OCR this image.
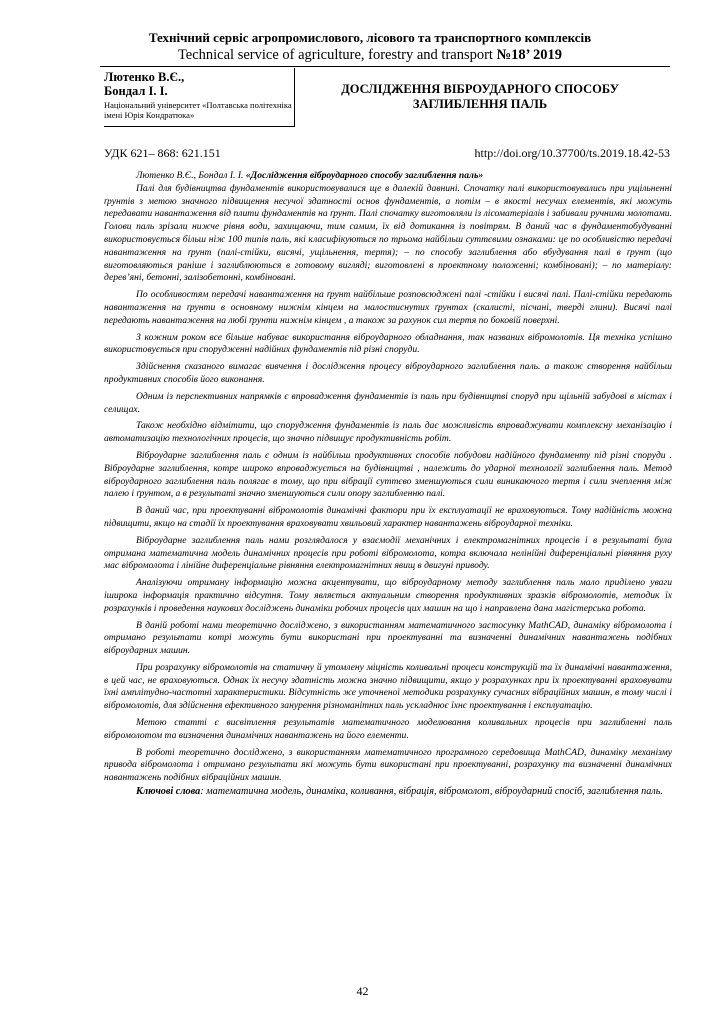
Технічний сервіс агропромислового, лісового та транспортного комплексів
Technical service of agriculture, forestry and transport №18’ 2019
Лютенко В.Є.,
Бондал І. І.
Національний університет «Полтавська політехніка імені Юрія Кондратюка»
ДОСЛІДЖЕННЯ ВІБРОУДАРНОГО СПОСОБУ ЗАГЛИБЛЕННЯ ПАЛЬ
УДК 621– 868: 621.151	http://doi.org/10.37700/ts.2019.18.42-53

Лютенко В.Є., Бондал І. І. «Дослідження віброударного способу заглиблення паль»

Палі для будівництва фундаментів використовувалися ще в далекій давнині. Спочатку палі використовувались при ущільненні ґрунтів з метою значного підвищення несучої здатності основ фундаментів, а потім – в якості несучих елементів, які можуть передавати навантаження від плити фундаментів на ґрунт. Палі спочатку виготовляли із лісоматеріалів і забивали ручними молотами. Голови паль зрізали нижче рівня води, захищаючи, тим самим, їх від дотикання із повітрям. В даний час в фундаментобудуванні використовується більш ніж 100 типів паль, які класифікуються по трьома найбільш суттєвими ознаками: це по особливістю передачі навантаження на ґрунт (палі-стійки, висячі, ущільнення, тертя); – по способу заглиблення або вбудування палі в ґрунт (що виготовляються раніше і заглиблюються в готовому вигляді; виготовлені в проектному положенні; комбіновані); – по матеріалу: дерев’яні, бетонні, залізобетонні, комбіновані.

По особливостям передачі навантаження на ґрунт найбільше розповсюджені палі -стійки і висячі палі. Палі-стійки передають навантаження на ґрунти в основному нижнім кінцем на малостиснутих ґрунтах (скалисті, пісчані, тверді глини). Висячі палі передають навантаження на любі ґрунти нижнім кінцем , а також за рахунок сил тертя по боковій поверхні.

З кожним роком все більше набуває використання віброударного обладнання, так названих вібромолотів. Ця техніка успішно використовується при спорудженні надійних фундаментів під різні споруди.

Здійснення сказаного вимагає вивчення і дослідження процесу віброударного заглиблення паль. а також створення найбільш продуктивних способів його виконання.

Одним із перспективних напрямків є впровадження фундаментів із паль при будівництві споруд при щільній забудові в містах і селищах.

Також необхідно відмітити, що спорудження фундаментів із паль дає можливість впроваджувати комплексну механізацію і автоматизацію технологічних процесів, що значно підвищує продуктивність робіт.

Віброударне заглиблення паль є одним із найбільш продуктивних способів побудови надійного фундаменту під різні споруди . Віброударне заглиблення, котре широко впроваджується на будівництві , належить до ударної технології заглиблення паль. Метод віброударного заглиблення паль полягає в тому, що при вібрації суттєво зменшуються сили виникаючого тертя і сили зчеплення між палею і ґрунтом, а в результаті значно зменшуються сили опору заглибленню палі.

В даний час, при проектуванні вібромолотів динамічні фактори при їх експлуатації не враховуються. Тому надійність можна підвищити, якщо на стадії їх проектування враховувати хвильовий характер навантажень віброударної техніки.

Віброударне заглиблення паль нами розглядалося у взаємодії механічних і електромагнітних процесів і в результаті була отримана математична модель динамічних процесів при роботі вібромолота, котра включала нелінійні диференціальні рівняння руху мас вібромолота і лінійне диференціальне рівняння електромагнітних явищ в двигуні приводу.

Аналізуючи отриману інформацію можна акцентувати, що віброударному методу заглиблення паль мало приділено уваги іширока інформація практично відсутня. Тому являється актуальним створення продуктивних зразків вібромолотів, методик їх розрахунків і проведення наукових досліджень динаміки робочих процесів цих машин на що і направлена дана магістерська робота.

В даній роботі нами теоретично досліджено, з використанням математичного застосунку MathCAD, динаміку вібромолота і отримано результати котрі можуть бути використані при проектуванні та визначенні динамічних навантажень подібних віброударних машин.

При розрахунку вібромолотів на статичну й утомлену міцність коливальні процеси конструкцій та їх динамічні навантаження, в цей час, не враховуються. Однак їх несучу здатність можна значно підвищити, якщо у розрахунках при їх проектуванні враховувати їхні амплітудно-частотні характеристики. Відсутність же уточненої методики розрахунку сучасних вібраційних машин, в тому числі і вібромолотів, для здійснення ефективного занурення різноманітних паль ускладнює їхнє проектування і експлуатацію.

Метою статті є висвітлення результатів математичного моделювання коливальних процесів при заглибленні паль вібромолотом та визначення динамічних навантажень на його елементи.

В роботі теоретично досліджено, з використанням математичного програмного середовища MathCAD, динаміку механізму привода вібромолота і отримано результати які можуть бути використані при проектуванні, розрахунку та визначенні динамічних навантажень подібних вібраційних машин.

Ключові слова: математична модель, динаміка, коливання, вібрація, вібромолот, віброударний спосіб, заглиблення паль.

42
